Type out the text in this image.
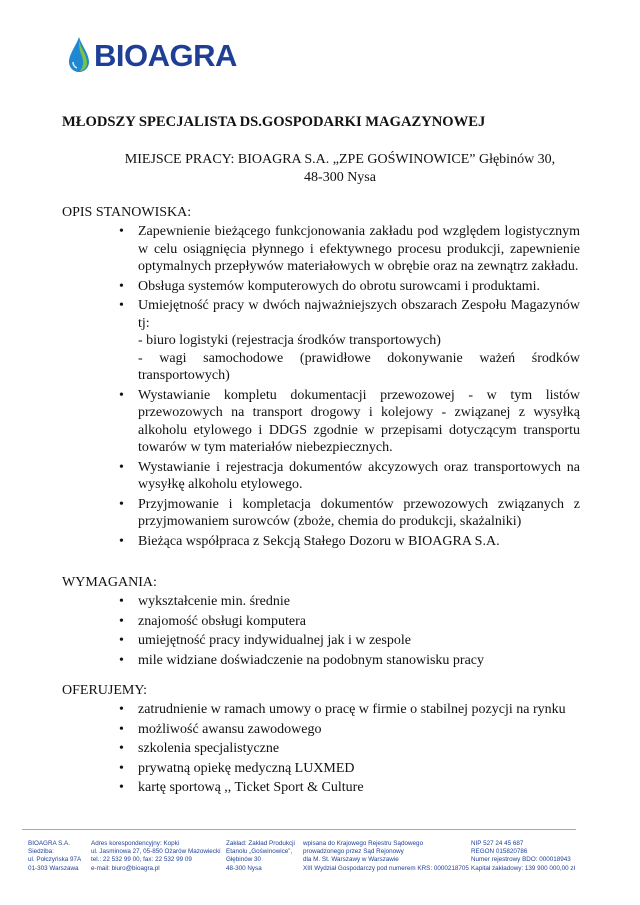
BIOAGRA
MŁODSZY SPECJALISTA DS.GOSPODARKI MAGAZYNOWEJ
MIEJSCE PRACY: BIOAGRA S.A. „ZPE GOŚWINOWICE” Głębinów 30,
48-300 Nysa
OPIS STANOWISKA:
• Zapewnienie bieżącego funkcjonowania zakładu pod względem logistycznym w celu osiągnięcia płynnego i efektywnego procesu produkcji, zapewnienie optymalnych przepływów materiałowych w obrębie oraz na zewnątrz zakładu.
• Obsługa systemów komputerowych do obrotu surowcami i produktami.
• Umiejętność pracy w dwóch najważniejszych obszarach Zespołu Magazynów tj:
- biuro logistyki (rejestracja środków transportowych)
- wagi samochodowe (prawidłowe dokonywanie ważeń środków transportowych)
• Wystawianie kompletu dokumentacji przewozowej - w tym listów przewozowych na transport drogowy i kolejowy - związanej z wysyłką alkoholu etylowego i DDGS zgodnie w przepisami dotyczącym transportu towarów w tym materiałów niebezpiecznych.
• Wystawianie i rejestracja dokumentów akcyzowych oraz transportowych na wysyłkę alkoholu etylowego.
• Przyjmowanie i kompletacja dokumentów przewozowych związanych z przyjmowaniem surowców (zboże, chemia do produkcji, skażalniki)
• Bieżąca współpraca z Sekcją Stałego Dozoru w BIOAGRA S.A.
WYMAGANIA:
• wykształcenie min. średnie
• znajomość obsługi komputera
• umiejętność pracy indywidualnej jak i w zespole
• mile widziane doświadczenie na podobnym stanowisku pracy
OFERUJEMY:
• zatrudnienie w ramach umowy o pracę w firmie o stabilnej pozycji na rynku
• możliwość awansu zawodowego
• szkolenia specjalistyczne
• prywatną opiekę medyczną LUXMED
• kartę sportową ,, Ticket Sport & Culture
BIOAGRA S.A.
Siedziba:
ul. Połczyńska 97A
01-303 Warszawa
Adres korespondencyjny: Kopki
ul. Jasminowa 27, 05-850 Ożarów Mazowiecki
tel.: 22 532 99 00, fax: 22 532 99 09
e-mail: biuro@bioagra.pl
Zakład: Zakład Produkcji
Etanolu „Goświnowice”,
Głębinów 30
48-300 Nysa
wpisana do Krajowego Rejestru Sądowego
prowadzonego przez Sąd Rejonowy
dla M. St. Warszawy w Warszawie
XIII Wydział Gospodarczy pod numerem KRS: 0000218705
NIP 527 24 45 687
REGON 015820786
Numer rejestrowy BDO: 000018943
Kapitał zakładowy: 139 900 000,00 zł
